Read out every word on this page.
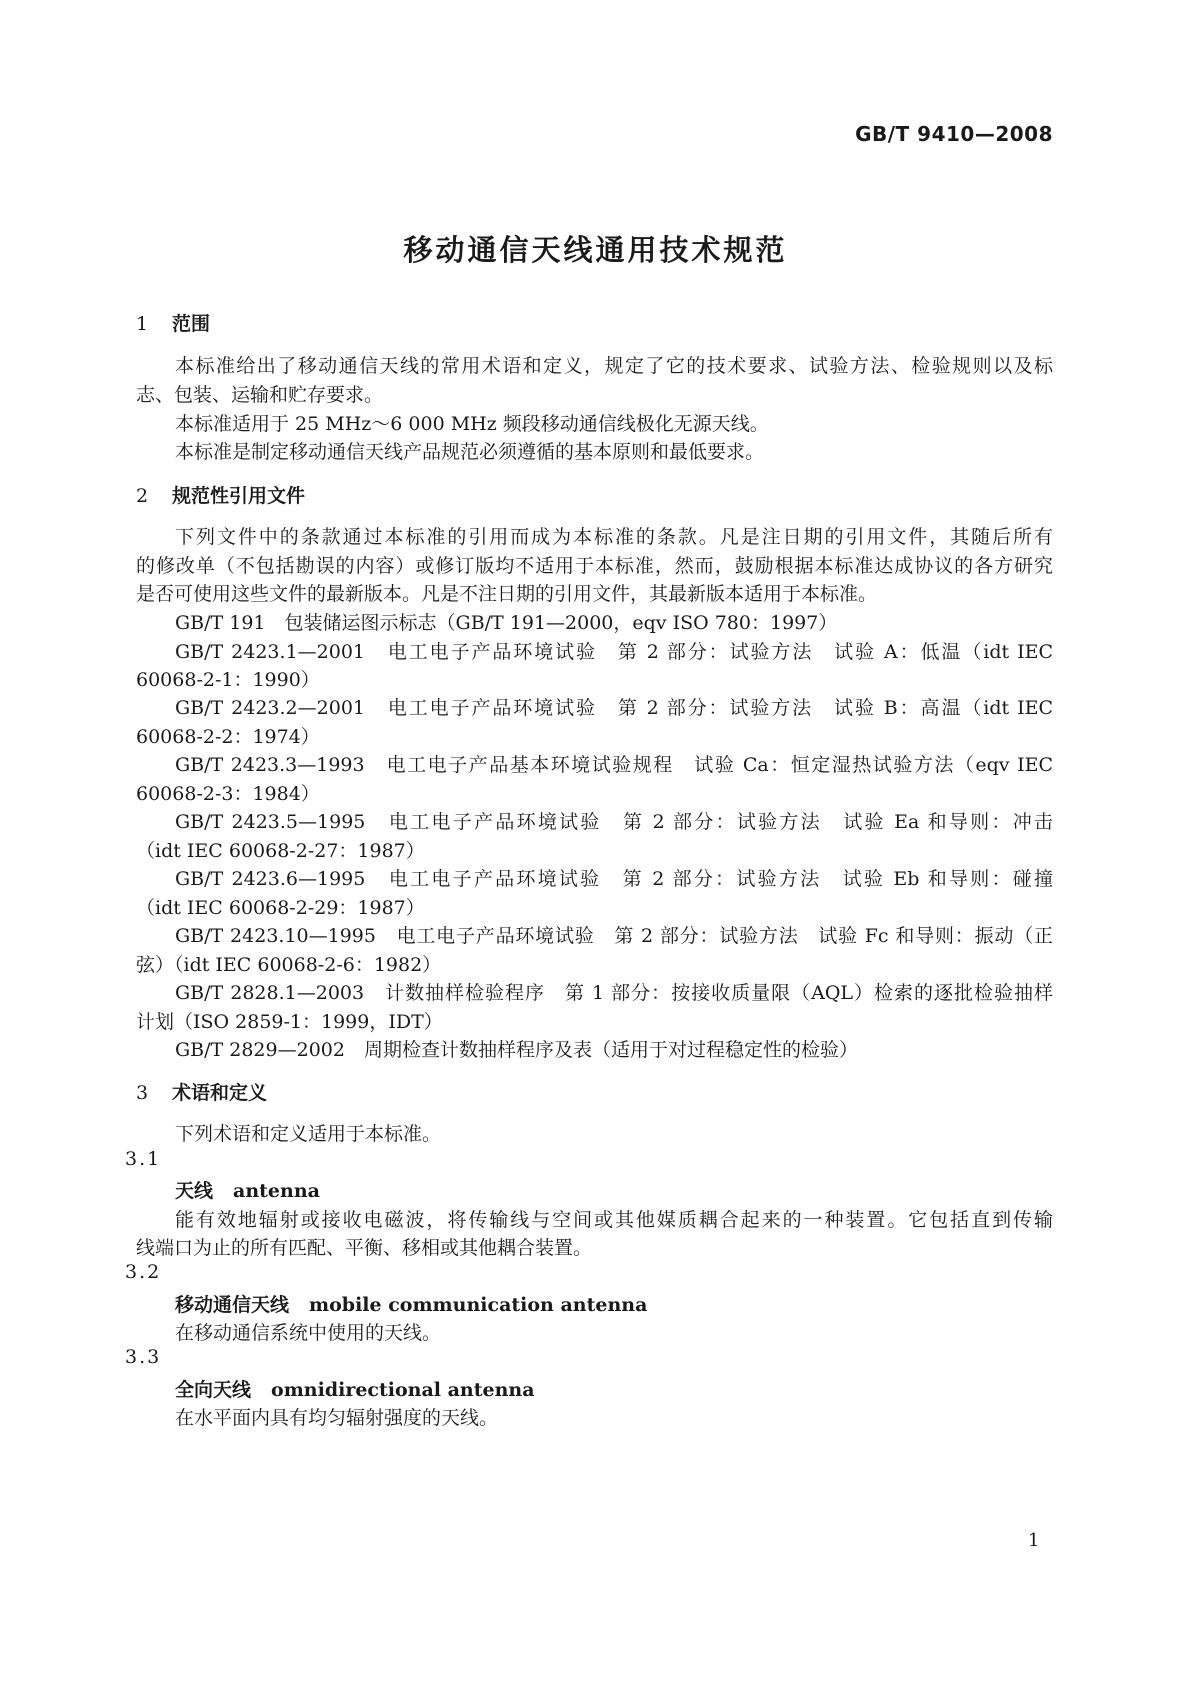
GB/T 9410—2008
移动通信天线通用技术规范
1 范围
本标准给出了移动通信天线的常用术语和定义，规定了它的技术要求、试验方法、检验规则以及标
志、包装、运输和贮存要求。
本标准适用于 25 MHz～6 000 MHz 频段移动通信线极化无源天线。
本标准是制定移动通信天线产品规范必须遵循的基本原则和最低要求。
2 规范性引用文件
下列文件中的条款通过本标准的引用而成为本标准的条款。凡是注日期的引用文件，其随后所有
的修改单（不包括勘误的内容）或修订版均不适用于本标准，然而，鼓励根据本标准达成协议的各方研究
是否可使用这些文件的最新版本。凡是不注日期的引用文件，其最新版本适用于本标准。
GB/T 191　包装储运图示标志（GB/T 191—2000，eqv ISO 780：1997）
GB/T 2423.1—2001　电工电子产品环境试验　第 2 部分：试验方法　试验 A：低温（idt IEC
60068-2-1：1990）
GB/T 2423.2—2001　电工电子产品环境试验　第 2 部分：试验方法　试验 B：高温（idt IEC
60068-2-2：1974）
GB/T 2423.3—1993　电工电子产品基本环境试验规程　试验 Ca：恒定湿热试验方法（eqv IEC
60068-2-3：1984）
GB/T 2423.5—1995　电工电子产品环境试验　第 2 部分：试验方法　试验 Ea 和导则：冲击
（idt IEC 60068-2-27：1987）
GB/T 2423.6—1995　电工电子产品环境试验　第 2 部分：试验方法　试验 Eb 和导则：碰撞
（idt IEC 60068-2-29：1987）
GB/T 2423.10—1995　电工电子产品环境试验　第 2 部分：试验方法　试验 Fc 和导则：振动（正
弦）（idt IEC 60068-2-6：1982）
GB/T 2828.1—2003　计数抽样检验程序　第 1 部分：按接收质量限（AQL）检索的逐批检验抽样
计划（ISO 2859-1：1999，IDT）
GB/T 2829—2002　周期检查计数抽样程序及表（适用于对过程稳定性的检验）
3 术语和定义
下列术语和定义适用于本标准。
3.1
天线 antenna
能有效地辐射或接收电磁波，将传输线与空间或其他媒质耦合起来的一种装置。它包括直到传输
线端口为止的所有匹配、平衡、移相或其他耦合装置。
3.2
移动通信天线 mobile communication antenna
在移动通信系统中使用的天线。
3.3
全向天线 omnidirectional antenna
在水平面内具有均匀辐射强度的天线。
1
